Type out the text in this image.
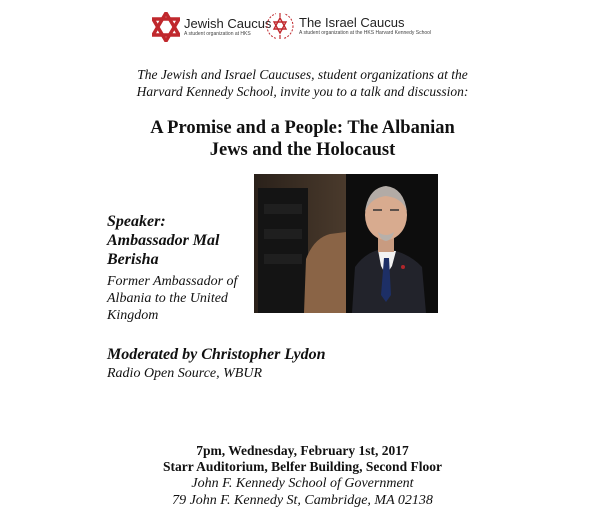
Jewish Caucus
A student organization at HKS
The Israel Caucus
A student organization at the HKS Harvard Kennedy School
The Jewish and Israel Caucuses, student organizations at the
Harvard Kennedy School, invite you to a talk and discussion:
A Promise and a People: The Albanian
Jews and the Holocaust
Speaker:
Ambassador Mal Berisha
Former Ambassador of Albania to the United Kingdom
Moderated by Christopher Lydon
Radio Open Source, WBUR
7pm, Wednesday, February 1st, 2017
Starr Auditorium, Belfer Building, Second Floor
John F. Kennedy School of Government
79 John F. Kennedy St, Cambridge, MA 02138
